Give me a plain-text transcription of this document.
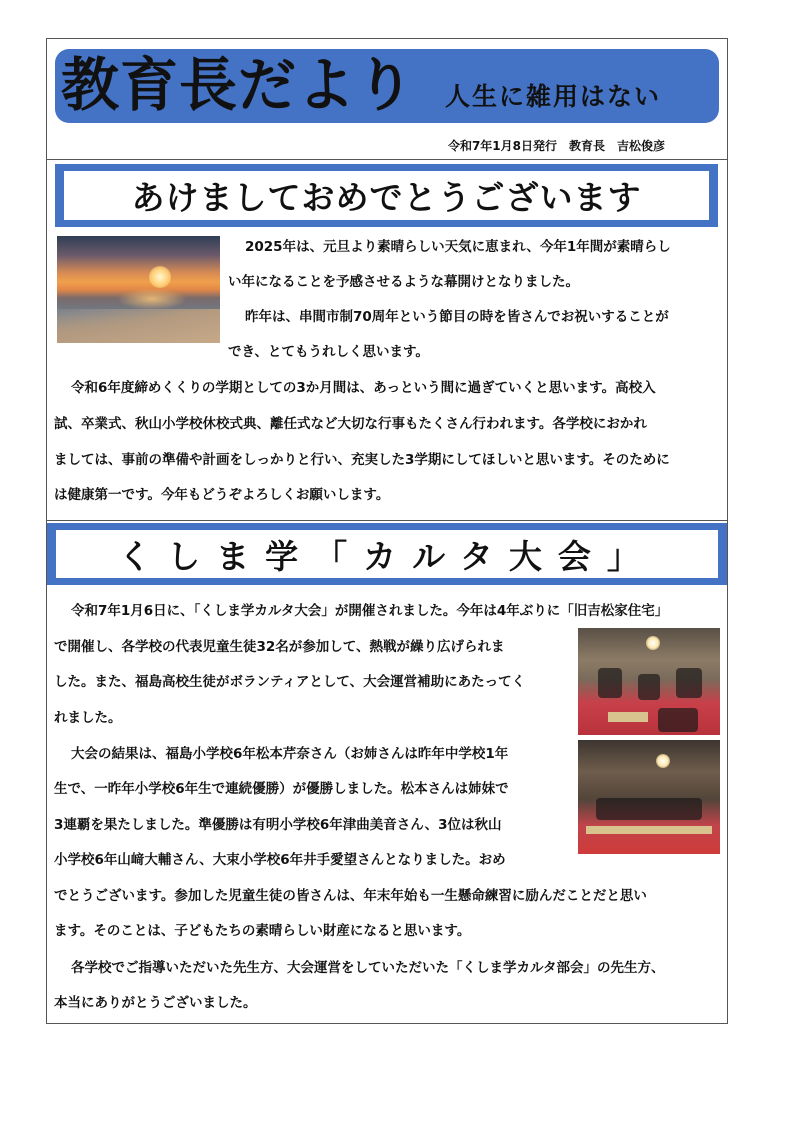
教育長だより 人生に雑用はない
令和7年1月8日発行　教育長　吉松俊彦
あけましておめでとうございます
2025年は、元旦より素晴らしい天気に恵まれ、今年1年間が素晴らし
い年になることを予感させるような幕開けとなりました。
昨年は、串間市制70周年という節目の時を皆さんでお祝いすることが
でき、とてもうれしく思います。
令和6年度締めくくりの学期としての3か月間は、あっという間に過ぎていくと思います。高校入
試、卒業式、秋山小学校休校式典、離任式など大切な行事もたくさん行われます。各学校におかれ
ましては、事前の準備や計画をしっかりと行い、充実した3学期にしてほしいと思います。そのために
は健康第一です。今年もどうぞよろしくお願いします。
くしま学「カルタ大会」
令和7年1月6日に、「くしま学カルタ大会」が開催されました。今年は4年ぶりに「旧吉松家住宅」
で開催し、各学校の代表児童生徒32名が参加して、熱戦が繰り広げられま
した。また、福島高校生徒がボランティアとして、大会運営補助にあたってく
れました。
大会の結果は、福島小学校6年松本芹奈さん（お姉さんは昨年中学校1年
生で、一昨年小学校6年生で連続優勝）が優勝しました。松本さんは姉妹で
3連覇を果たしました。準優勝は有明小学校6年津曲美音さん、3位は秋山
小学校6年山﨑大輔さん、大束小学校6年井手愛望さんとなりました。おめ
でとうございます。参加した児童生徒の皆さんは、年末年始も一生懸命練習に励んだことだと思い
ます。そのことは、子どもたちの素晴らしい財産になると思います。
各学校でご指導いただいた先生方、大会運営をしていただいた「くしま学カルタ部会」の先生方、
本当にありがとうございました。
